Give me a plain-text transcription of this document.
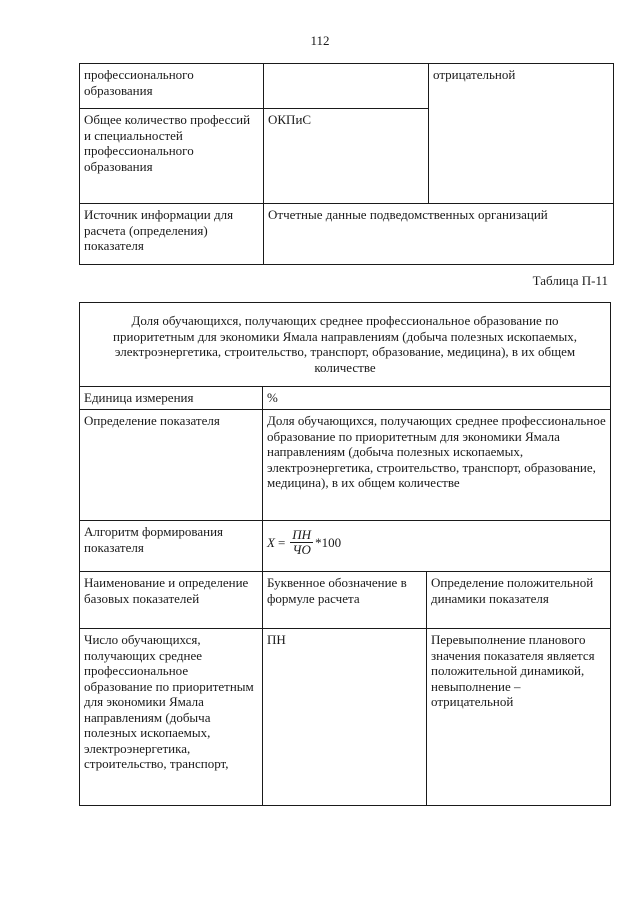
112
профессионального образования		отрицательной
Общее количество профессий и специальностей профессионального образования	ОКПиС	
Источник информации для расчета (определения) показателя	Отчетные данные подведомственных организаций	
Таблица П-11
Доля обучающихся, получающих среднее профессиональное образование по приоритетным для экономики Ямала направлениям (добыча полезных ископаемых, электроэнергетика, строительство, транспорт, образование, медицина), в их общем количестве		
Единица измерения	%	
Определение показателя	Доля обучающихся, получающих среднее профессиональное образование по приоритетным для экономики Ямала направлениям (добыча полезных ископаемых, электроэнергетика, строительство, транспорт, образование, медицина), в их общем количестве	
Алгоритм формирования показателя	$X = \frac{ПН}{ЧО} *100$	

Наименование и определение базовых показателей	Буквенное обозначение в формуле расчета	Определение положительной динамики показателя
Число обучающихся, получающих среднее профессиональное образование по приоритетным для экономики Ямала направлениям (добыча полезных ископаемых, электроэнергетика, строительство, транспорт,	ПН	Перевыполнение планового значения показателя является положительной динамикой, невыполнение – отрицательной
